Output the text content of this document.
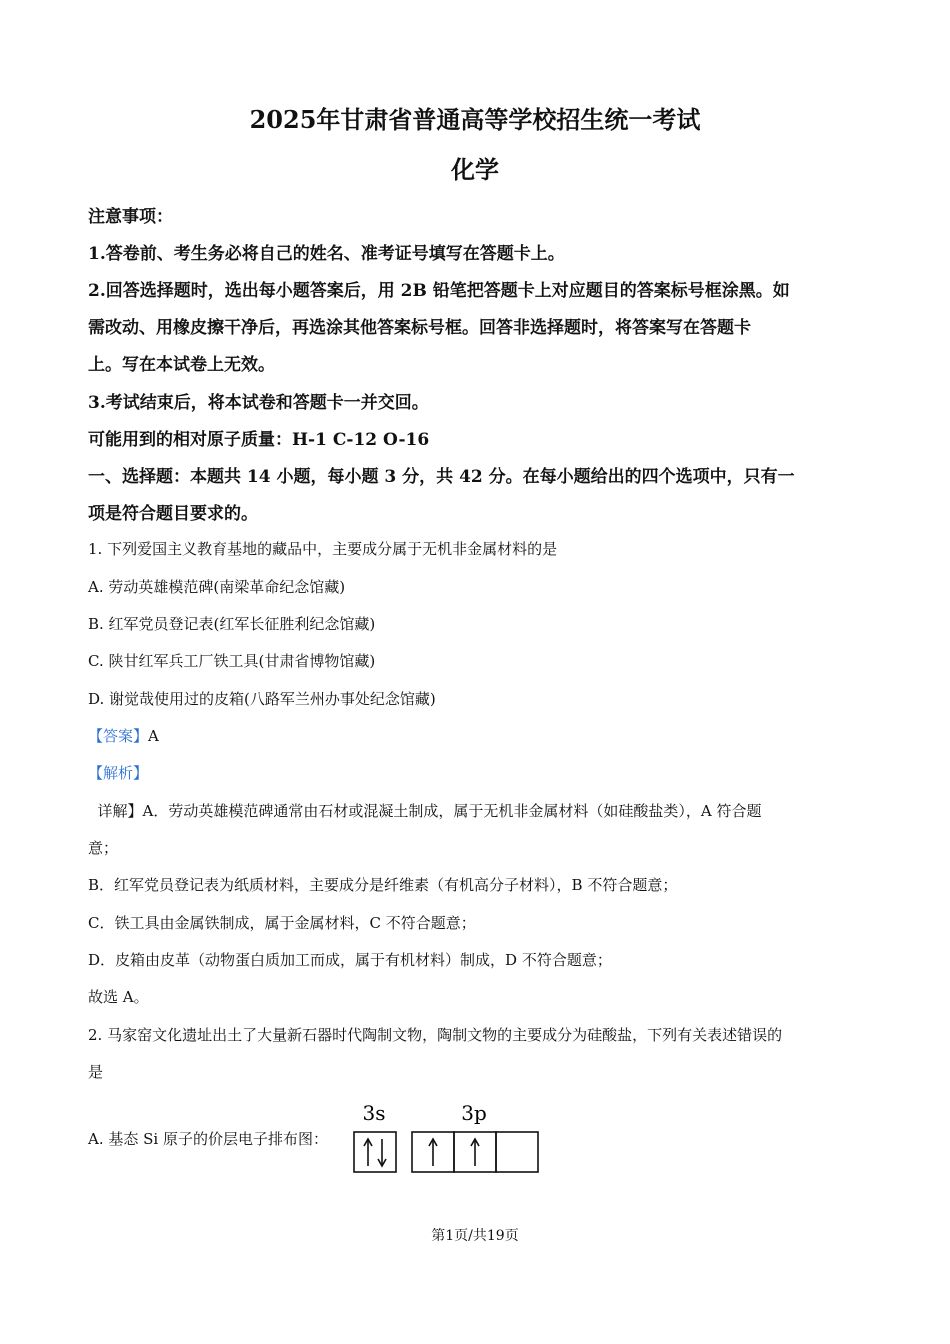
2025年甘肃省普通高等学校招生统一考试
化学
注意事项：
1.答卷前、考生务必将自己的姓名、准考证号填写在答题卡上。
2.回答选择题时，选出每小题答案后，用 2B 铅笔把答题卡上对应题目的答案标号框涂黑。如
需改动、用橡皮擦干净后，再选涂其他答案标号框。回答非选择题时，将答案写在答题卡
上。写在本试卷上无效。
3.考试结束后，将本试卷和答题卡一并交回。
可能用到的相对原子质量：H-1 C-12 O-16
一、选择题：本题共 14 小题，每小题 3 分，共 42 分。在每小题给出的四个选项中，只有一
项是符合题目要求的。
1. 下列爱国主义教育基地的藏品中，主要成分属于无机非金属材料的是
A. 劳动英雄模范碑(南梁革命纪念馆藏)
B. 红军党员登记表(红军长征胜利纪念馆藏)
C. 陕甘红军兵工厂铁工具(甘肃省博物馆藏)
D. 谢觉哉使用过的皮箱(八路军兰州办事处纪念馆藏)
【答案】A
【解析】
详解】A．劳动英雄模范碑通常由石材或混凝土制成，属于无机非金属材料（如硅酸盐类），A 符合题
意；
B．红军党员登记表为纸质材料，主要成分是纤维素（有机高分子材料），B 不符合题意；
C．铁工具由金属铁制成，属于金属材料，C 不符合题意；
D．皮箱由皮革（动物蛋白质加工而成，属于有机材料）制成，D 不符合题意；
故选 A。
2. 马家窑文化遗址出土了大量新石器时代陶制文物，陶制文物的主要成分为硅酸盐，下列有关表述错误的
是
A. 基态 Si 原子的价层电子排布图：
3s	3p
第1页/共19页
